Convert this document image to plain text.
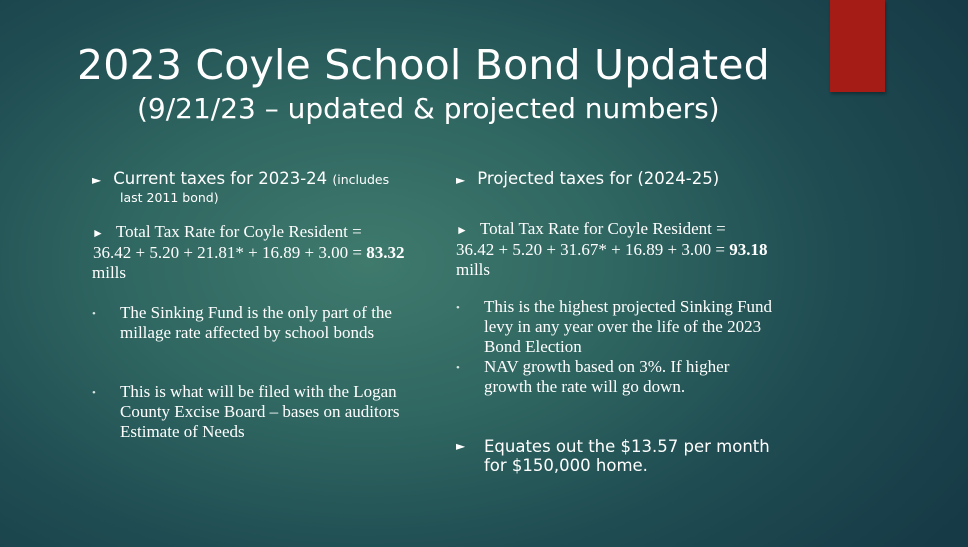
2023 Coyle School Bond Updated
(9/21/23 – updated & projected numbers)
► Current taxes for 2023-24 (includes
last 2011 bond)
► Total Tax Rate for Coyle Resident =
36.42 + 5.20 + 21.81* + 16.89 + 3.00 = 83.32
mills
•	The Sinking Fund is the only part of the millage rate affected by school bonds
•	This is what will be filed with the Logan County Excise Board – bases on auditors Estimate of Needs
► Projected taxes for (2024-25)
► Total Tax Rate for Coyle Resident =
36.42 + 5.20 + 31.67* + 16.89 + 3.00 = 93.18
mills
•	This is the highest projected Sinking Fund levy in any year over the life of the 2023 Bond Election
•	NAV growth based on 3%. If higher growth the rate will go down.
►	Equates out the $13.57 per month for $150,000 home.
